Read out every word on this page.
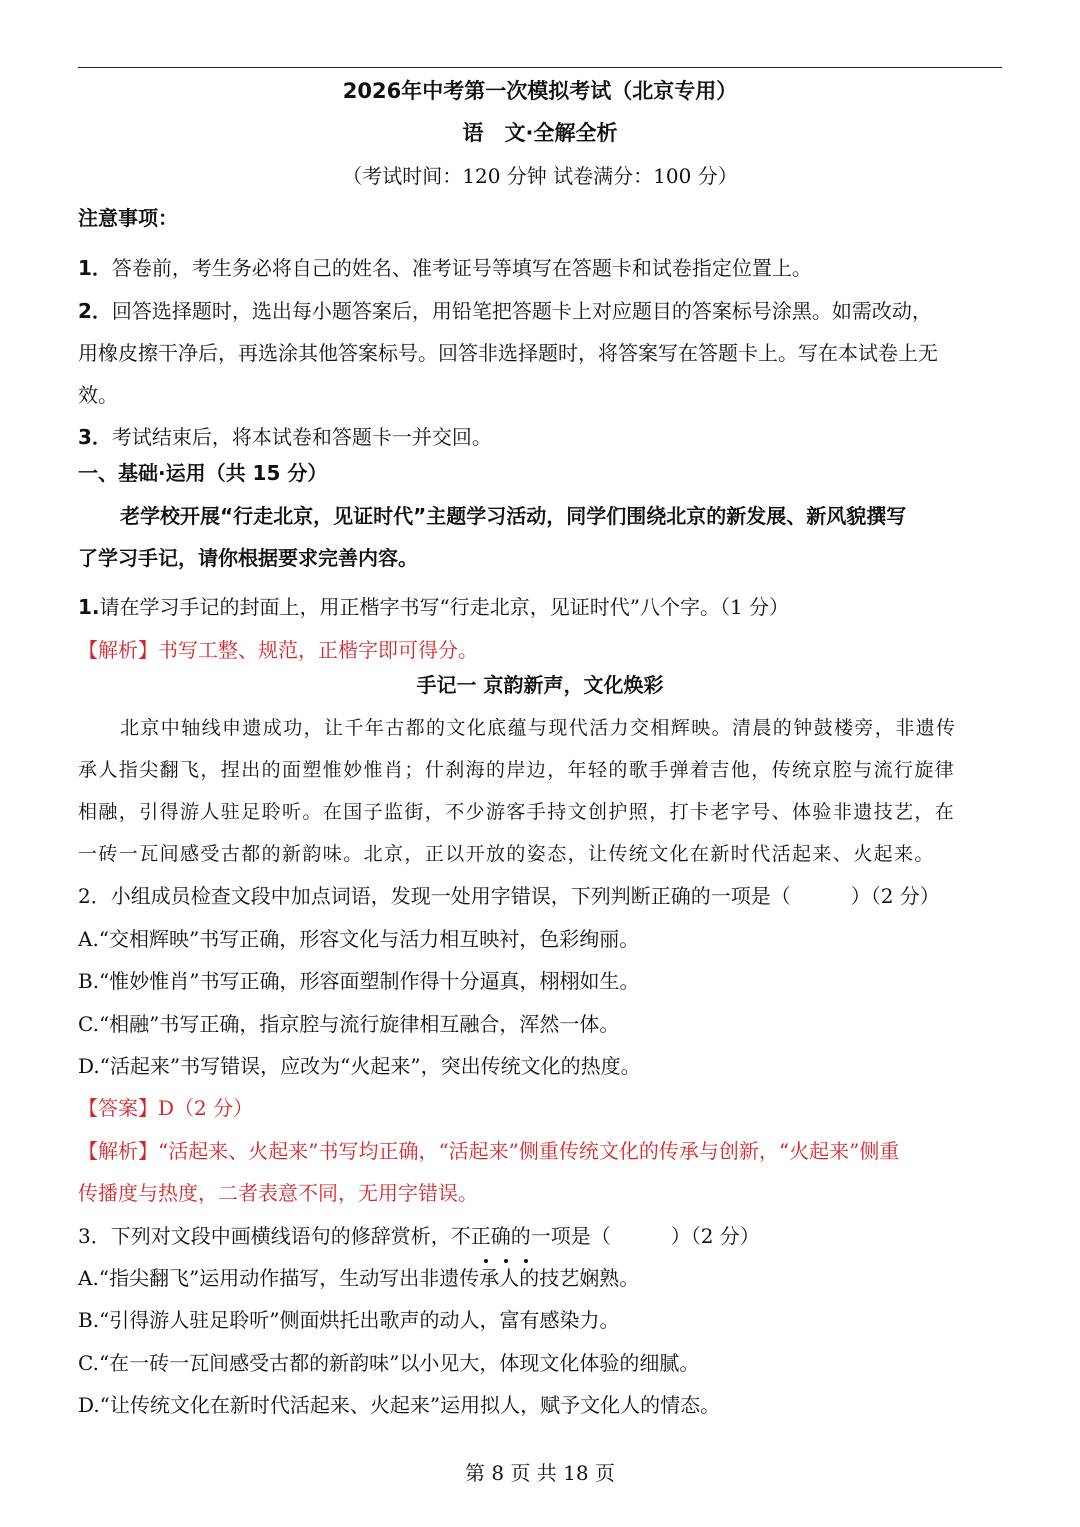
2026年中考第一次模拟考试（北京专用）
语　文·全解全析
（考试时间：120 分钟 试卷满分：100 分）
注意事项：
1．答卷前，考生务必将自己的姓名、准考证号等填写在答题卡和试卷指定位置上。
2．回答选择题时，选出每小题答案后，用铅笔把答题卡上对应题目的答案标号涂黑。如需改动，
用橡皮擦干净后，再选涂其他答案标号。回答非选择题时，将答案写在答题卡上。写在本试卷上无
效。
3．考试结束后，将本试卷和答题卡一并交回。
一、基础·运用（共 15 分）
老学校开展“行走北京，见证时代”主题学习活动，同学们围绕北京的新发展、新风貌撰写
了学习手记，请你根据要求完善内容。
1.请在学习手记的封面上，用正楷字书写“行走北京，见证时代”八个字。（1 分）
【解析】书写工整、规范，正楷字即可得分。
手记一 京韵新声，文化焕彩
北京中轴线申遗成功，让千年古都的文化底蕴与现代活力交相辉映。清晨的钟鼓楼旁，非遗传
承人指尖翻飞，捏出的面塑惟妙惟肖；什刹海的岸边，年轻的歌手弹着吉他，传统京腔与流行旋律
相融，引得游人驻足聆听。在国子监街，不少游客手持文创护照，打卡老字号、体验非遗技艺，在
一砖一瓦间感受古都的新韵味。北京，正以开放的姿态，让传统文化在新时代活起来、火起来。
2．小组成员检查文段中加点词语，发现一处用字错误，下列判断正确的一项是（　　　）（2 分）
A.“交相辉映”书写正确，形容文化与活力相互映衬，色彩绚丽。
B.“惟妙惟肖”书写正确，形容面塑制作得十分逼真，栩栩如生。
C.“相融”书写正确，指京腔与流行旋律相互融合，浑然一体。
D.“活起来”书写错误，应改为“火起来”，突出传统文化的热度。
【答案】D（2 分）
【解析】“活起来、火起来”书写均正确，“活起来”侧重传统文化的传承与创新，“火起来”侧重
传播度与热度，二者表意不同，无用字错误。
3．下列对文段中画横线语句的修辞赏析，不正确的一项是（　　　）（2 分）
A.“指尖翻飞”运用动作描写，生动写出非遗传承人的技艺娴熟。
B.“引得游人驻足聆听”侧面烘托出歌声的动人，富有感染力。
C.“在一砖一瓦间感受古都的新韵味”以小见大，体现文化体验的细腻。
D.“让传统文化在新时代活起来、火起来”运用拟人，赋予文化人的情态。
第 8 页 共 18 页
